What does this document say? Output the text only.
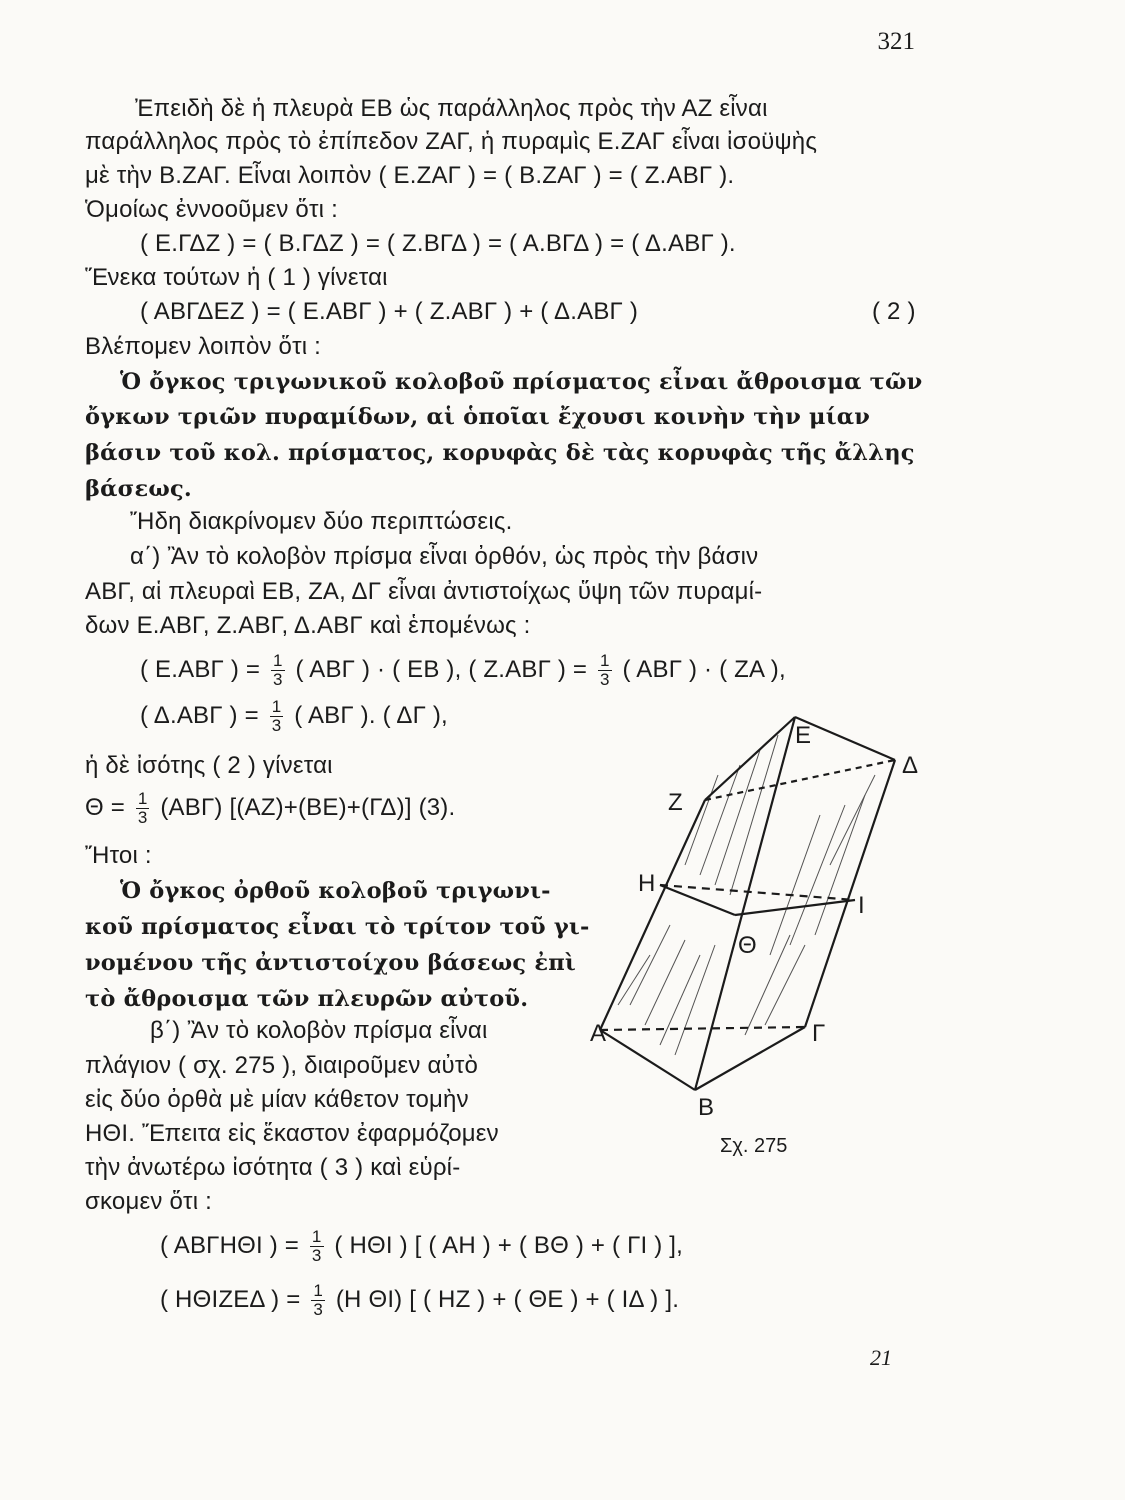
321
Ἐπειδὴ δὲ ἡ πλευρὰ ΕΒ ὡς παράλληλος πρὸς τὴν ΑΖ εἶναι
παράλληλος πρὸς τὸ ἐπίπεδον ΖΑΓ, ἡ πυραμὶς Ε.ΖΑΓ εἶναι ἰσοϋψὴς
μὲ τὴν Β.ΖΑΓ. Εἶναι λοιπὸν ( Ε.ΖΑΓ ) = ( Β.ΖΑΓ ) = ( Ζ.ΑΒΓ ).
Ὁμοίως ἐννοοῦμεν ὅτι :
( Ε.ΓΔΖ ) = ( Β.ΓΔΖ ) = ( Ζ.ΒΓΔ ) = ( Α.ΒΓΔ ) = ( Δ.ΑΒΓ ).
Ἕνεκα τούτων ἡ ( 1 ) γίνεται
( ΑΒΓΔΕΖ ) = ( Ε.ΑΒΓ ) + ( Ζ.ΑΒΓ ) + ( Δ.ΑΒΓ )	( 2 )
Βλέπομεν λοιπὸν ὅτι :
Ὁ ὄγκος τριγωνικοῦ κολοβοῦ πρίσματος εἶναι ἄθροισμα τῶν
ὄγκων τριῶν πυραμίδων, αἱ ὁποῖαι ἔχουσι κοινὴν τὴν μίαν
βάσιν τοῦ κολ. πρίσματος, κορυφὰς δὲ τὰς κορυφὰς τῆς ἄλλης
βάσεως.
Ἤδη διακρίνομεν δύο περιπτώσεις.
α΄) Ἂν τὸ κολοβὸν πρίσμα εἶναι ὀρθόν, ὡς πρὸς τὴν βάσιν
ΑΒΓ, αἱ πλευραὶ ΕΒ, ΖΑ, ΔΓ εἶναι ἀντιστοίχως ὕψη τῶν πυραμί-
δων Ε.ΑΒΓ, Ζ.ΑΒΓ, Δ.ΑΒΓ καὶ ἑπομένως :
( Ε.ΑΒΓ ) = $\frac{1}{3}$ ( ΑΒΓ ) · ( ΕΒ ), ( Ζ.ΑΒΓ ) = $\frac{1}{3}$ ( ΑΒΓ ) · ( ΖΑ ),
( Δ.ΑΒΓ ) = $\frac{1}{3}$ ( ΑΒΓ ). ( ΔΓ ),
ἡ δὲ ἰσότης ( 2 ) γίνεται
$\Theta = \frac{1}{3} (AB\Gamma)$ [(ΑΖ)+(ΒΕ)+(ΓΔ)] (3).
Ἤτοι :
Ὁ ὄγκος ὀρθοῦ κολοβοῦ τριγωνι-
κοῦ πρίσματος εἶναι τὸ τρίτον τοῦ γι-
νομένου τῆς ἀντιστοίχου βάσεως ἐπὶ
τὸ ἄθροισμα τῶν πλευρῶν αὐτοῦ.
β΄) Ἂν τὸ κολοβὸν πρίσμα εἶναι
πλάγιον ( σχ. 275 ), διαιροῦμεν αὐτὸ
εἰς δύο ὀρθὰ μὲ μίαν κάθετον τομὴν
ΗΘΙ. Ἔπειτα εἰς ἕκαστον ἐφαρμόζομεν
τὴν ἀνωτέρω ἰσότητα ( 3 ) καὶ εὑρί-
σκομεν ὅτι :
( ΑΒΓΗΘΙ ) = $\frac{1}{3}$ ( ΗΘΙ ) [ ( ΑΗ ) + ( ΒΘ ) + ( ΓΙ ) ],
( ΗΘΙΖΕΔ ) = $\frac{1}{3} (H$ ΘΙ) [ ( ΗΖ ) + ( ΘΕ ) + ( ΙΔ ) ].
Ε
Δ
Ζ
Η
Ι
Θ
Α	Γ
Β
Σχ. 275
21
